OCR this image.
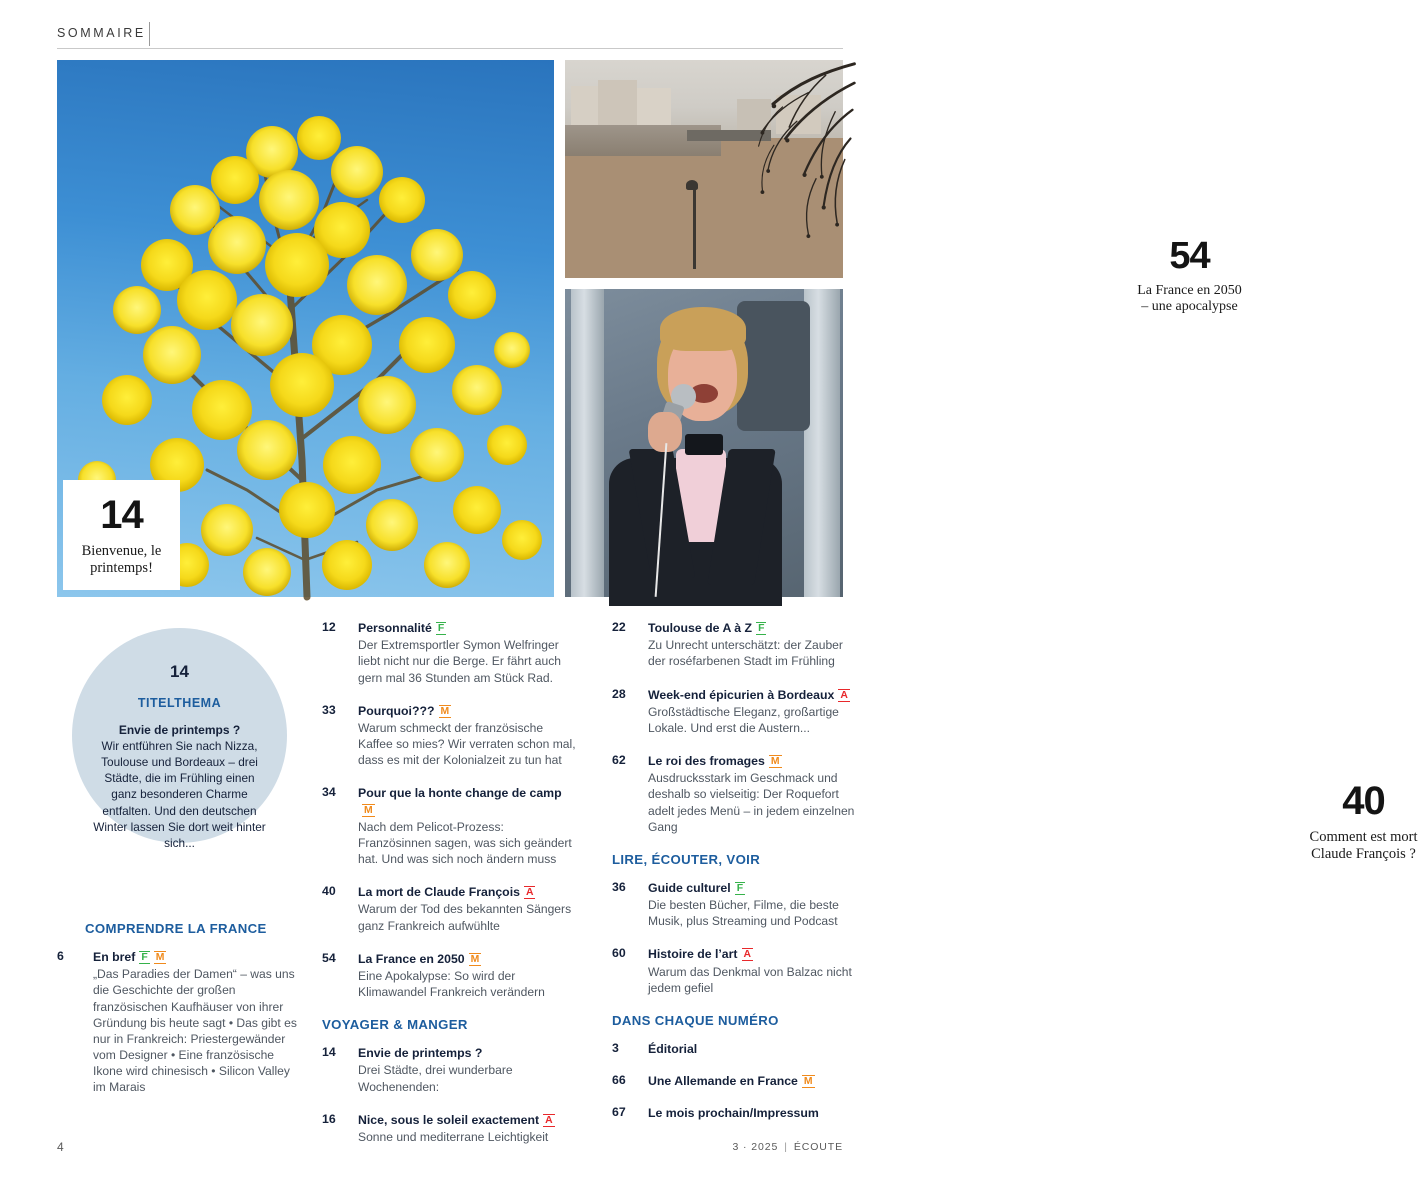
SOMMAIRE
14
Bienvenue, le printemps!
54
La France en 2050 – une apocalypse
40
Comment est mort Claude François ?
14
TITELTHEMA
Envie de printemps ?
Wir entführen Sie nach Nizza, Toulouse und Bordeaux – drei Städte, die im Frühling einen ganz besonderen Charme entfalten. Und den deutschen Winter lassen Sie dort weit hinter sich...
COMPRENDRE LA FRANCE
6	En bref F M
„Das Paradies der Damen“ – was uns die Geschichte der großen französischen Kaufhäuser von ihrer Gründung bis heute sagt • Das gibt es nur in Frankreich: Priestergewänder vom Designer • Eine französische Ikone wird chinesisch • Silicon Valley im Marais
12	Personnalité F
Der Extremsportler Symon Welfringer liebt nicht nur die Berge. Er fährt auch gern mal 36 Stunden am Stück Rad.
33	Pourquoi??? M
Warum schmeckt der französische Kaffee so mies? Wir verraten schon mal, dass es mit der Kolonialzeit zu tun hat
34	Pour que la honte change de campM
Nach dem Pelicot-Prozess: Französinnen sagen, was sich geändert hat. Und was sich noch ändern muss
40	La mort de Claude François A
Warum der Tod des bekannten Sängers ganz Frankreich aufwühlte
54	La France en 2050 M
Eine Apokalypse: So wird der Klimawandel Frankreich verändern
VOYAGER & MANGER
14	Envie de printemps ?
Drei Städte, drei wunderbare Wochenenden:
16	Nice, sous le soleil exactement A
Sonne und mediterrane Leichtigkeit
22	Toulouse de A à Z F
Zu Unrecht unterschätzt: der Zauber der roséfarbenen Stadt im Frühling
28	Week-end épicurien à Bordeaux A
Großstädtische Eleganz, großartige Lokale. Und erst die Austern...
62	Le roi des fromages M
Ausdrucksstark im Geschmack und deshalb so vielseitig: Der Roquefort adelt jedes Menü – in jedem einzelnen Gang
LIRE, ÉCOUTER, VOIR
36	Guide culturel F
Die besten Bücher, Filme, die beste Musik, plus Streaming und Podcast
60	Histoire de l’art A
Warum das Denkmal von Balzac nicht jedem gefiel
DANS CHAQUE NUMÉRO
3	Éditorial
66	Une Allemande en France M
67	Le mois prochain/Impressum
4	3 · 2025 | ÉCOUTE
